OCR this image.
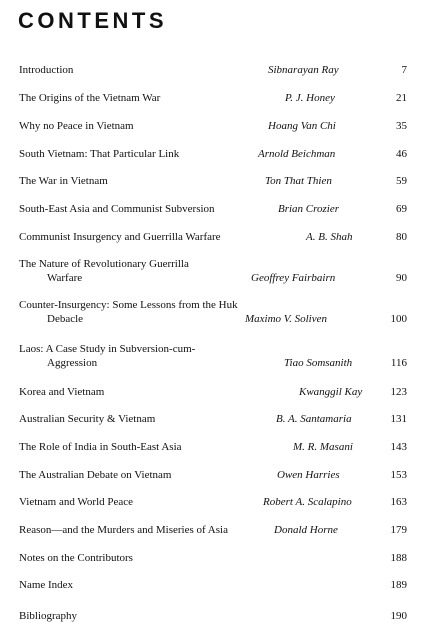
CONTENTS
Introduction	Sibnarayan Ray	7
The Origins of the Vietnam War	P. J. Honey	21
Why no Peace in Vietnam	Hoang Van Chi	35
South Vietnam: That Particular Link	Arnold Beichman	46
The War in Vietnam	Ton That Thien	59
South-East Asia and Communist Subversion	Brian Crozier	69
Communist Insurgency and Guerrilla Warfare	A. B. Shah	80
The Nature of Revolutionary Guerrilla
Warfare	Geoffrey Fairbairn	90
Counter-Insurgency: Some Lessons from the Huk
Debacle	Maximo V. Soliven	100
Laos: A Case Study in Subversion-cum-
Aggression	Tiao Somsanith	116
Korea and Vietnam	Kwanggil Kay	123
Australian Security & Vietnam	B. A. Santamaria	131
The Role of India in South-East Asia	M. R. Masani	143
The Australian Debate on Vietnam	Owen Harries	153
Vietnam and World Peace	Robert A. Scalapino	163
Reason—and the Murders and Miseries of Asia	Donald Horne	179
Notes on the Contributors	188
Name Index	189
Bibliography	190
